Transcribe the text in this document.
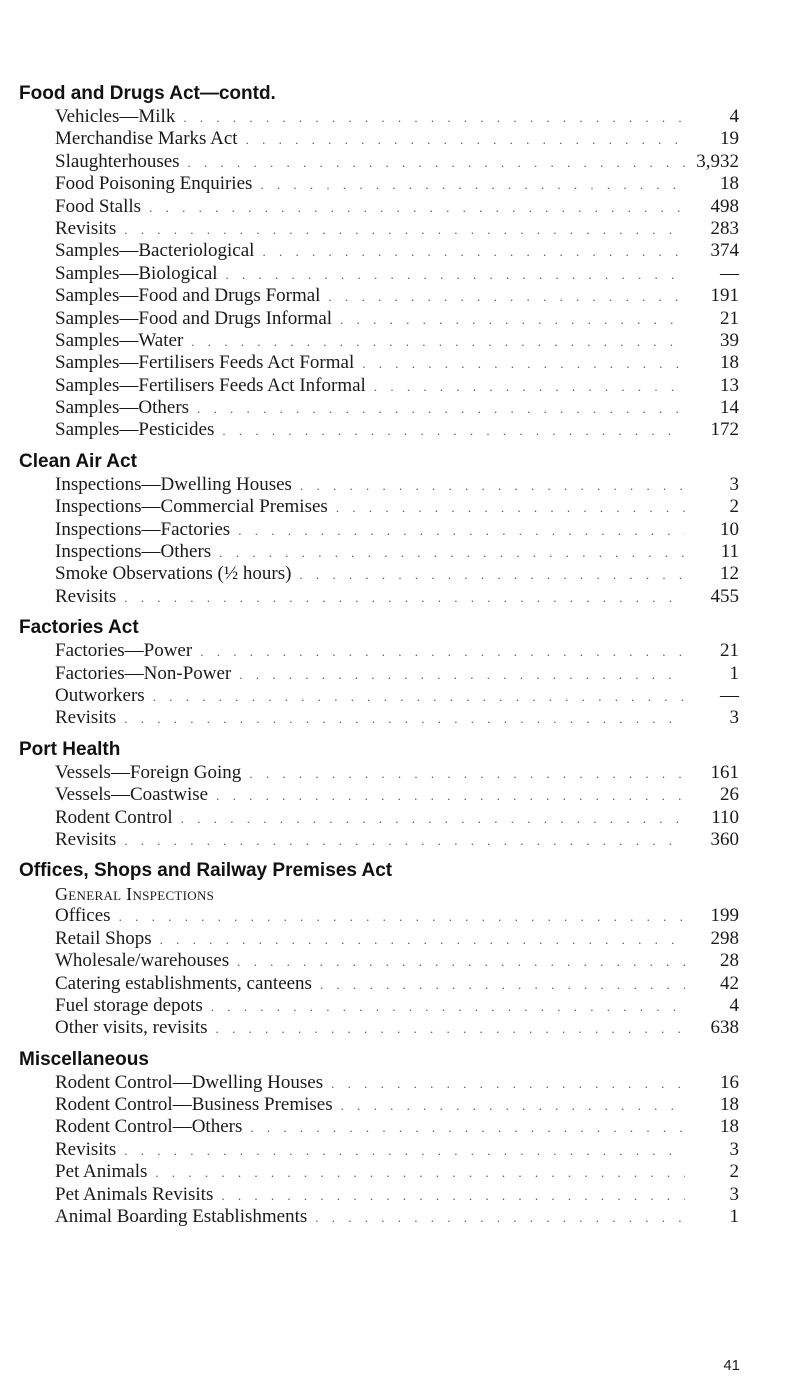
Food and Drugs Act—contd.
Vehicles—Milk . . .	4
Merchandise Marks Act . . .	19
Slaughterhouses . . .	3,932
Food Poisoning Enquiries . . .	18
Food Stalls . . .	498
Revisits . . .	283
Samples—Bacteriological . . .	374
Samples—Biological . . .	—
Samples—Food and Drugs Formal . . .	191
Samples—Food and Drugs Informal . . .	21
Samples—Water . . .	39
Samples—Fertilisers Feeds Act Formal . . .	18
Samples—Fertilisers Feeds Act Informal . . .	13
Samples—Others . . .	14
Samples—Pesticides . . .	172
Clean Air Act
Inspections—Dwelling Houses . . .	3
Inspections—Commercial Premises . . .	2
Inspections—Factories . . .	10
Inspections—Others . . .	11
Smoke Observations (½ hours) . . .	12
Revisits . . .	455
Factories Act
Factories—Power . . .	21
Factories—Non-Power . . .	1
Outworkers . . .	—
Revisits . . .	3
Port Health
Vessels—Foreign Going . . .	161
Vessels—Coastwise . . .	26
Rodent Control . . .	110
Revisits . . .	360
Offices, Shops and Railway Premises Act
General Inspections
Offices . . .	199
Retail Shops . . .	298
Wholesale/warehouses . . .	28
Catering establishments, canteens . . .	42
Fuel storage depots . . .	4
Other visits, revisits . . .	638
Miscellaneous
Rodent Control—Dwelling Houses . . .	16
Rodent Control—Business Premises . . .	18
Rodent Control—Others . . .	18
Revisits . . .	3
Pet Animals . . .	2
Pet Animals Revisits . . .	3
Animal Boarding Establishments . . .	1
41
